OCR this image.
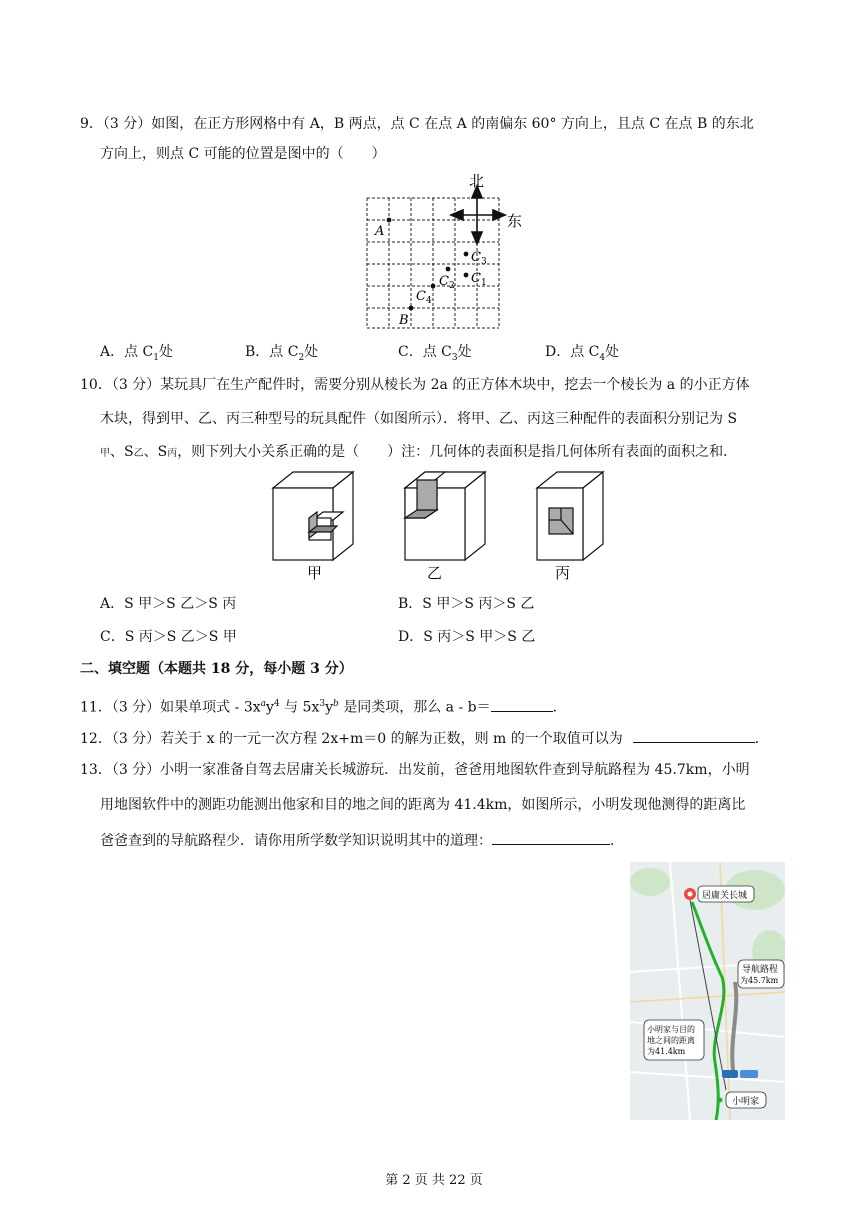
9．（3 分）如图，在正方形网格中有 A，B 两点，点 C 在点 A 的南偏东 60° 方向上，且点 C 在点 B 的东北
方向上，则点 C 可能的位置是图中的（　　）
北
东
A
B
$C_4$
$C_2$
$C_3$
$C_1$
A．点 $C_1$处	B．点 $C_2$处	C．点 $C_3$处	D．点 $C_4$处
10．（3 分）某玩具厂在生产配件时，需要分别从棱长为 2a 的正方体木块中，挖去一个棱长为 a 的小正方体
木块，得到甲、乙、丙三种型号的玩具配件（如图所示）．将甲、乙、丙这三种配件的表面积分别记为 S
甲、S乙、S丙，则下列大小关系正确的是（　　）注：几何体的表面积是指几何体所有表面的面积之和．
甲	乙	丙
A．S 甲＞S 乙＞S 丙	B．S 甲＞S 丙＞S 乙
C．S 丙＞S 乙＞S 甲	D．S 丙＞S 甲＞S 乙
二、填空题（本题共 18 分，每小题 3 分）
11．（3 分）如果单项式 - $3x^ay^4$ 与 $5x^3y^b$ 是同类项，那么 a - b＝	．
12．（3 分）若关于 x 的一元一次方程 2x+m＝0 的解为正数，则 m 的一个取值可以为	．
13．（3 分）小明一家准备自驾去居庸关长城游玩．出发前，爸爸用地图软件查到导航路程为 45.7km，小明
用地图软件中的测距功能测出他家和目的地之间的距离为 41.4km，如图所示，小明发现他测得的距离比
爸爸查到的导航路程少．请你用所学数学知识说明其中的道理：	．
居庸关长城
导航路程
为45.7km
小明家与目的
地之间的距离
为41.4km
小明家
第 2 页 共 22 页
